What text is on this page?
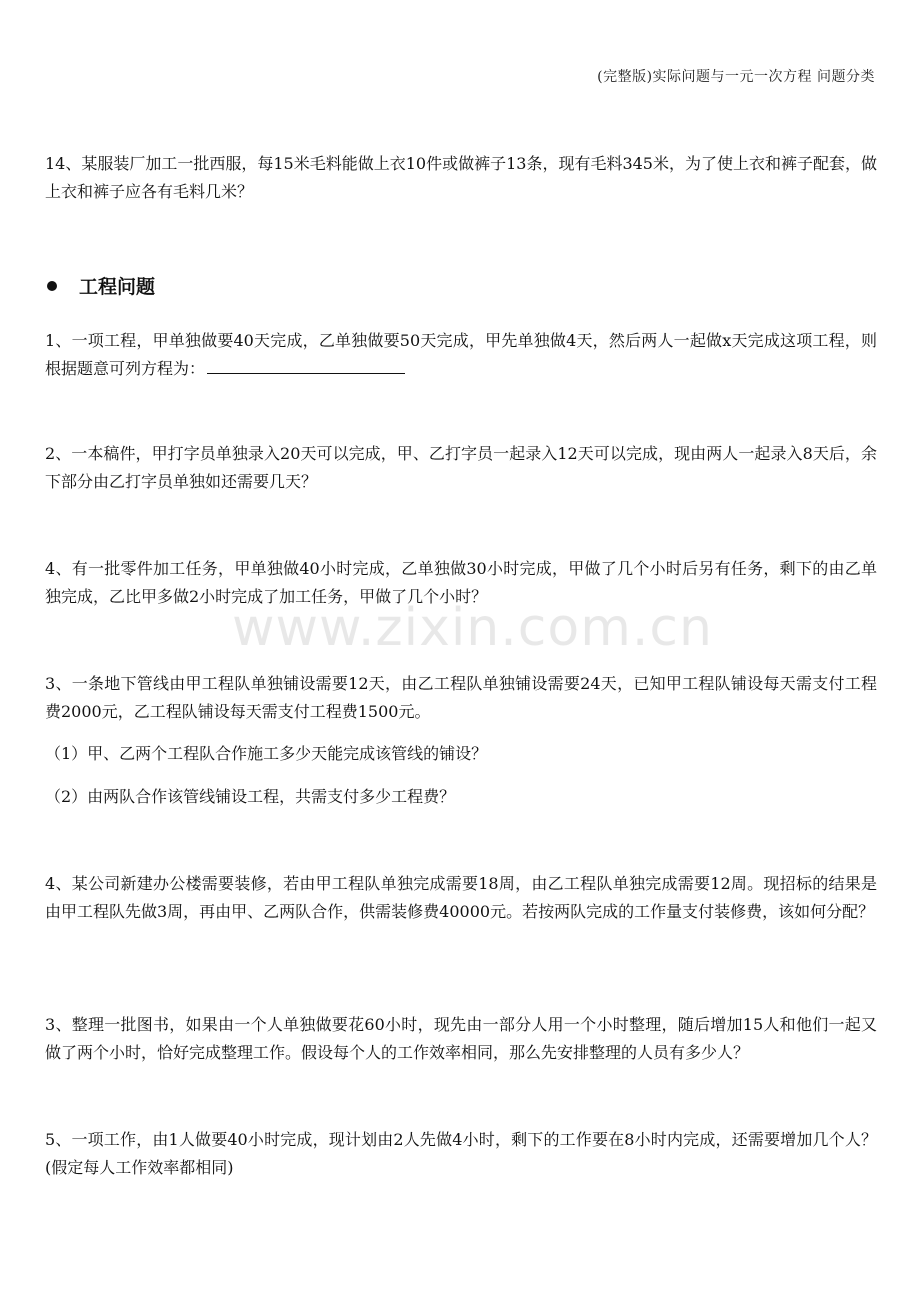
(完整版)实际问题与一元一次方程 问题分类

14、某服装厂加工一批西服，每15米毛料能做上衣10件或做裤子13条，现有毛料345米，为了使上衣和裤子配套，做上衣和裤子应各有毛料几米？

工程问题

1、一项工程，甲单独做要40天完成，乙单独做要50天完成，甲先单独做4天，然后两人一起做x天完成这项工程，则根据题意可列方程为：

2、一本稿件，甲打字员单独录入20天可以完成，甲、乙打字员一起录入12天可以完成，现由两人一起录入8天后，余下部分由乙打字员单独如还需要几天？

4、有一批零件加工任务，甲单独做40小时完成，乙单独做30小时完成，甲做了几个小时后另有任务，剩下的由乙单独完成，乙比甲多做2小时完成了加工任务，甲做了几个小时？

www.zixin.com.cn

3、一条地下管线由甲工程队单独铺设需要12天，由乙工程队单独铺设需要24天，已知甲工程队铺设每天需支付工程费2000元，乙工程队铺设每天需支付工程费1500元。

（1）甲、乙两个工程队合作施工多少天能完成该管线的铺设？

（2）由两队合作该管线铺设工程，共需支付多少工程费？

4、某公司新建办公楼需要装修，若由甲工程队单独完成需要18周，由乙工程队单独完成需要12周。现招标的结果是由甲工程队先做3周，再由甲、乙两队合作，供需装修费40000元。若按两队完成的工作量支付装修费，该如何分配？

3、整理一批图书，如果由一个人单独做要花60小时，现先由一部分人用一个小时整理，随后增加15人和他们一起又做了两个小时，恰好完成整理工作。假设每个人的工作效率相同，那么先安排整理的人员有多少人？

5、一项工作，由1人做要40小时完成，现计划由2人先做4小时，剩下的工作要在8小时内完成，还需要增加几个人？(假定每人工作效率都相同)
